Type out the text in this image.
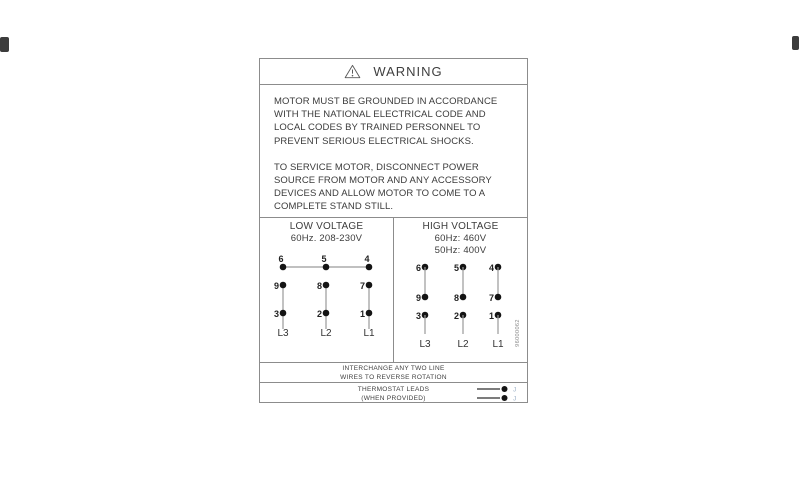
WARNING
MOTOR MUST BE GROUNDED IN ACCORDANCE
WITH THE NATIONAL ELECTRICAL CODE AND
LOCAL CODES BY TRAINED PERSONNEL TO
PREVENT SERIOUS ELECTRICAL SHOCKS.
TO SERVICE MOTOR, DISCONNECT POWER
SOURCE FROM MOTOR AND ANY ACCESSORY
DEVICES AND ALLOW MOTOR TO COME TO A
COMPLETE STAND STILL.
LOW VOLTAGE
60Hz. 208-230V
6
9
3
L3
5
8
2
L2
4
7
1
L1
HIGH VOLTAGE
60Hz: 460V
50Hz: 400V
6
9
3
L3
5
8
2
L2
4
7
1
L1 96000062
INTERCHANGE ANY TWO LINE
WIRES TO REVERSE ROTATION
THERMOSTAT LEADS
(WHEN PROVIDED)
J
J
